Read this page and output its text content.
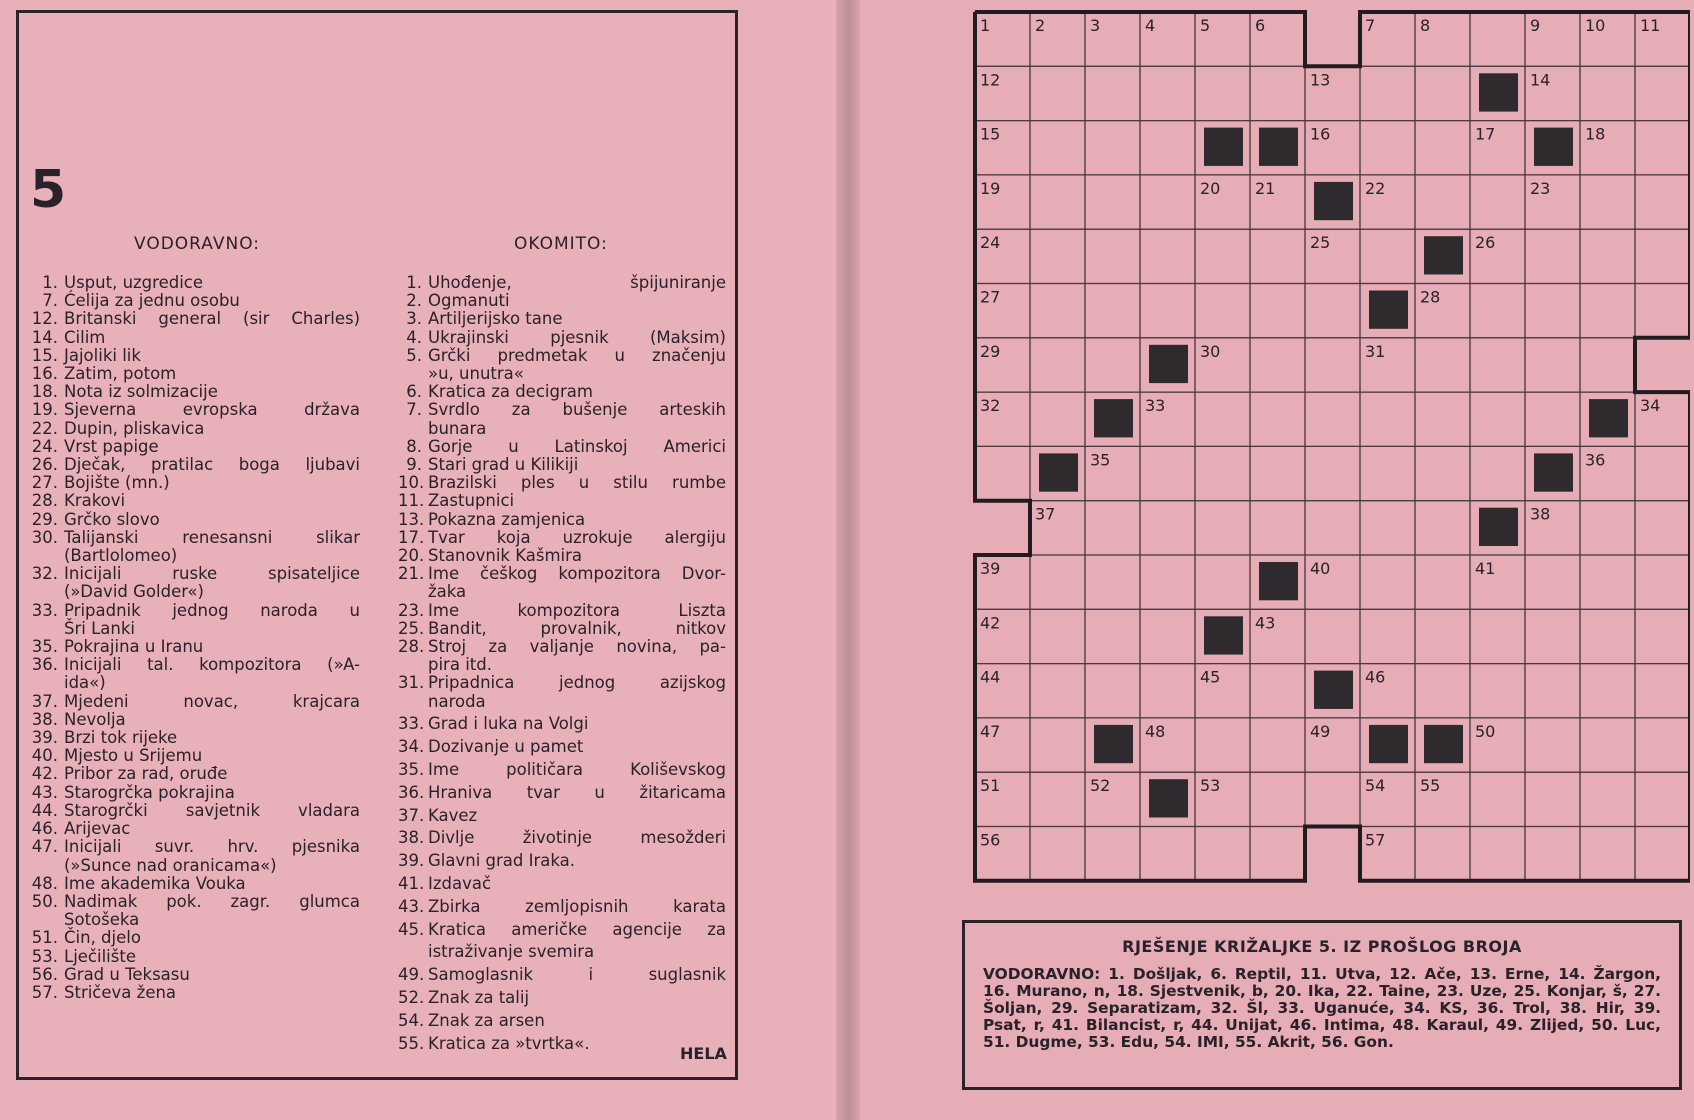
5
VODORAVNO:	OKOMITO:
1. Usput, uzgredice
7. Ćelija za jednu osobu
12. Britanski general (sir Charles)
14. Cilim
15. Jajoliki lik
16. Zatim, potom
18. Nota iz solmizacije
19. Sjeverna evropska država
22. Dupin, pliskavica
24. Vrst papige
26. Dječak, pratilac boga ljubavi
27. Bojište (mn.)
28. Krakovi
29. Grčko slovo
30. Talijanski renesansni slikar
(Bartlolomeo)
32. Inicijali ruske spisateljice
(»David Golder«)
33. Pripadnik jednog naroda u
Šri Lanki
35. Pokrajina u Iranu
36. Inicijali tal. kompozitora (»A-
ida«)
37. Mjedeni novac, krajcara
38. Nevolja
39. Brzi tok rijeke
40. Mjesto u Srijemu
42. Pribor za rad, oruđe
43. Starogrčka pokrajina
44. Starogrčki savjetnik vladara
46. Arijevac
47. Inicijali suvr. hrv. pjesnika
(»Sunce nad oranicama«)
48. Ime akademika Vouka
50. Nadimak pok. zagr. glumca
Sotošeka
51. Čin, djelo
53. Lječilište
56. Grad u Teksasu
57. Stričeva žena
1. Uhođenje, špijuniranje
2. Ogmanuti
3. Artiljerijsko tane
4. Ukrajinski pjesnik (Maksim)
5. Grčki predmetak u značenju
»u, unutra«
6. Kratica za decigram
7. Svrdlo za bušenje arteskih
bunara
8. Gorje u Latinskoj Americi
9. Stari grad u Kilikiji
10. Brazilski ples u stilu rumbe
11. Zastupnici
13. Pokazna zamjenica
17. Tvar koja uzrokuje alergiju
20. Stanovnik Kašmira
21. Ime češkog kompozitora Dvor-
žaka
23. Ime kompozitora Liszta
25. Bandit, provalnik, nitkov
28. Stroj za valjanje novina, pa-
pira itd.
31. Pripadnica jednog azijskog
naroda
33. Grad i luka na Volgi
34. Dozivanje u pamet
35. Ime političara Koliševskog
36. Hraniva tvar u žitaricama
37. Kavez
38. Divlje životinje mesožderi
39. Glavni grad Iraka.
41. Izdavač
43. Zbirka zemljopisnih karata
45. Kratica američke agencije za
istraživanje svemira
49. Samoglasnik i suglasnik
52. Znak za talij
54. Znak za arsen
55. Kratica za »tvrtka«.
HELA
1	2	3	4	5	6	7	8	9	10 11
12	13	14
15	16	17	18
19	20 21	22	23
24	25	26
27	28
29	30	31
32	33	34
35	36
37	38
39	40	41
42	43
44	45	46
47	48	49	50
51	52	53	54 55
56	57
RJEŠENJE KRIŽALJKE 5. IZ PROŠLOG BROJA
VODORAVNO: 1. Došljak, 6. Reptil, 11. Utva, 12. Ače, 13. Erne, 14. Žargon, 16. Murano, n, 18. Sjestvenik, b, 20. Ika, 22. Taine, 23. Uze, 25. Konjar, š, 27. Šoljan, 29. Separatizam, 32. Šl, 33. Uganuće, 34. KS, 36. Trol, 38. Hir, 39. Psat, r, 41. Bilancist, r, 44. Unijat, 46. Intima, 48. Karaul, 49. Zlijed, 50. Luc, 51. Dugme, 53. Edu, 54. IMI, 55. Akrit, 56. Gon.
